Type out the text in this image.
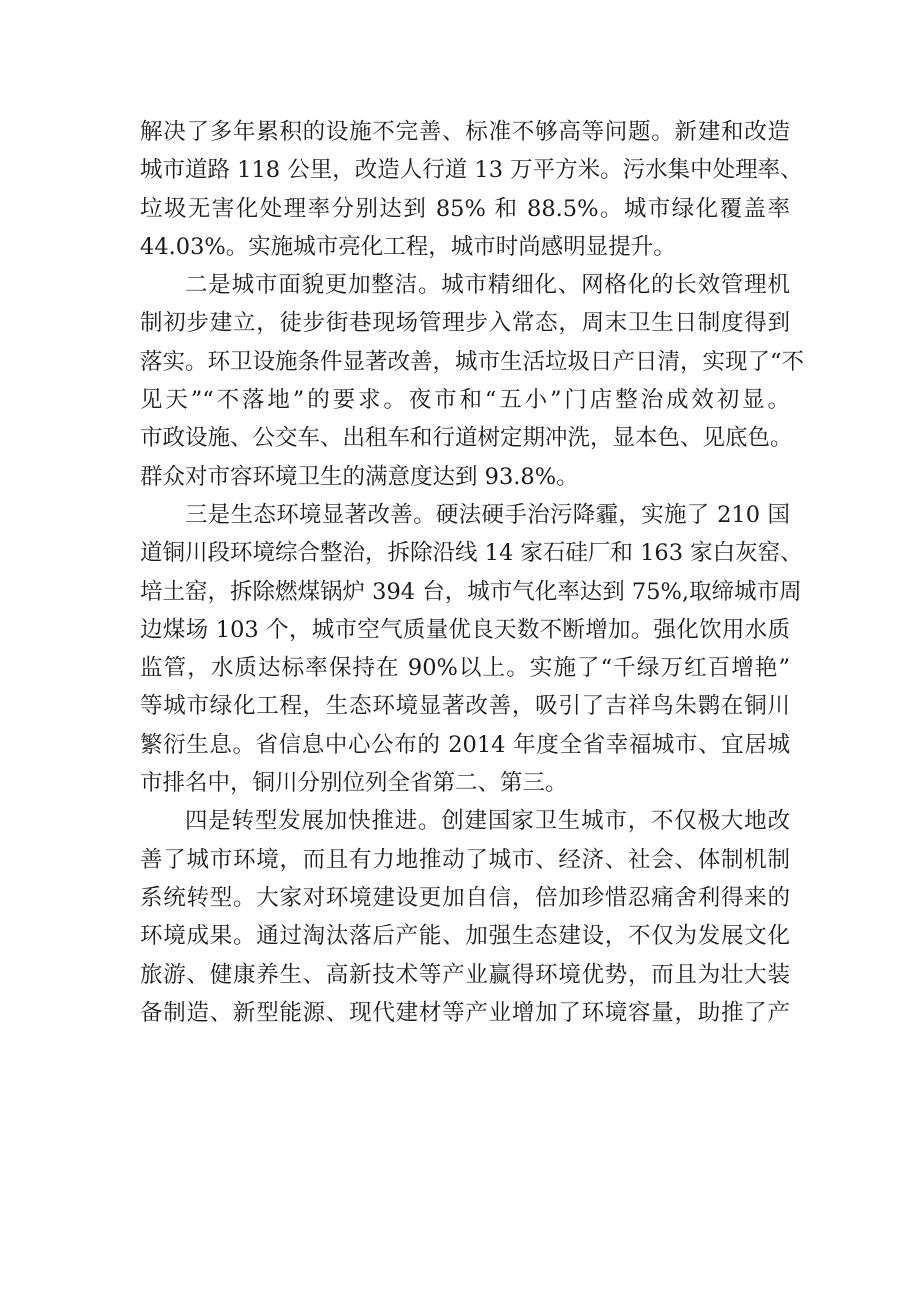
解决了多年累积的设施不完善、标准不够高等问题。新建和改造
城市道路 118 公里，改造人行道 13 万平方米。污水集中处理率、
垃圾无害化处理率分别达到 85% 和 88.5%。城市绿化覆盖率
44.03%。实施城市亮化工程，城市时尚感明显提升。
二是城市面貌更加整洁。城市精细化、网格化的长效管理机
制初步建立，徒步街巷现场管理步入常态，周末卫生日制度得到
落实。环卫设施条件显著改善，城市生活垃圾日产日清，实现了“不
见天”“不落地”的要求。夜市和“五小”门店整治成效初显。
市政设施、公交车、出租车和行道树定期冲洗，显本色、见底色。
群众对市容环境卫生的满意度达到 93.8%。
三是生态环境显著改善。硬法硬手治污降霾，实施了 210 国
道铜川段环境综合整治，拆除沿线 14 家石硅厂和 163 家白灰窑、
培土窑，拆除燃煤锅炉 394 台，城市气化率达到 75%,取缔城市周
边煤场 103 个，城市空气质量优良天数不断增加。强化饮用水质
监管，水质达标率保持在 90%以上。实施了“千绿万红百增艳”
等城市绿化工程，生态环境显著改善，吸引了吉祥鸟朱鹮在铜川
繁衍生息。省信息中心公布的 2014 年度全省幸福城市、宜居城
市排名中，铜川分别位列全省第二、第三。
四是转型发展加快推进。创建国家卫生城市，不仅极大地改
善了城市环境，而且有力地推动了城市、经济、社会、体制机制
系统转型。大家对环境建设更加自信，倍加珍惜忍痛舍利得来的
环境成果。通过淘汰落后产能、加强生态建设，不仅为发展文化
旅游、健康养生、高新技术等产业赢得环境优势，而且为壮大装
备制造、新型能源、现代建材等产业增加了环境容量，助推了产
